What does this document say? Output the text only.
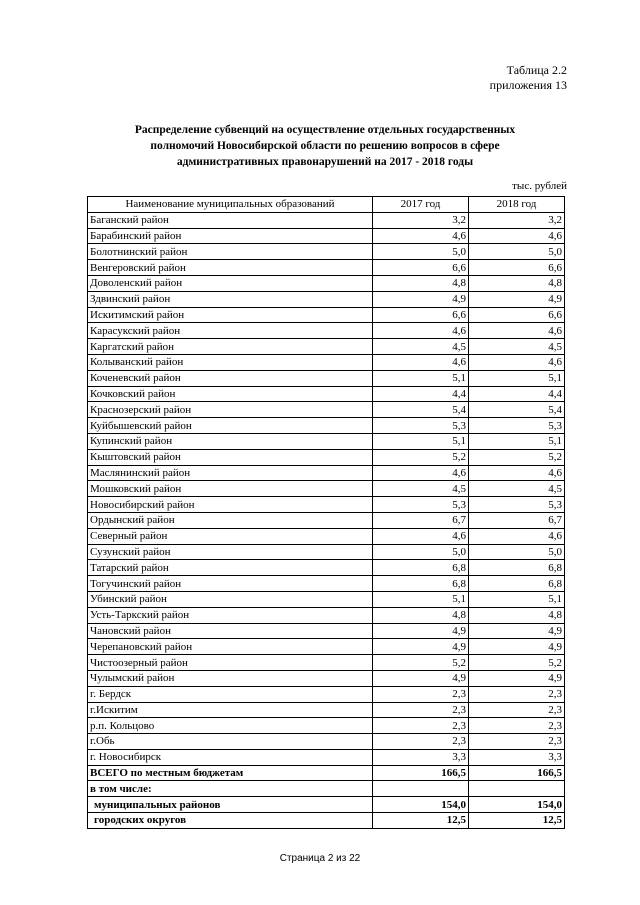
Таблица 2.2
приложения 13
Распределение субвенций на осуществление отдельных государственных
полномочий Новосибирской области по решению вопросов в сфере
административных правонарушений на 2017 - 2018 годы
тыс. рублей
Наименование муниципальных образований	2017 год	2018 год
Баганский район	3,2	3,2
Барабинский район	4,6	4,6
Болотнинский район	5,0	5,0
Венгеровский район	6,6	6,6
Доволенский район	4,8	4,8
Здвинский район	4,9	4,9
Искитимский район	6,6	6,6
Карасукский район	4,6	4,6
Каргатский район	4,5	4,5
Колыванский район	4,6	4,6
Коченевский район	5,1	5,1
Кочковский район	4,4	4,4
Краснозерский район	5,4	5,4
Куйбышевский район	5,3	5,3
Купинский район	5,1	5,1
Кыштовский район	5,2	5,2
Маслянинский район	4,6	4,6
Мошковский район	4,5	4,5
Новосибирский район	5,3	5,3
Ордынский район	6,7	6,7
Северный район	4,6	4,6
Сузунский район	5,0	5,0
Татарский район	6,8	6,8
Тогучинский район	6,8	6,8
Убинский район	5,1	5,1
Усть-Таркский район	4,8	4,8
Чановский район	4,9	4,9
Черепановский район	4,9	4,9
Чистоозерный район	5,2	5,2
Чулымский район	4,9	4,9
г. Бердск	2,3	2,3
г.Искитим	2,3	2,3
р.п. Кольцово	2,3	2,3
г.Обь	2,3	2,3
г. Новосибирск	3,3	3,3
ВСЕГО по местным бюджетам	166,5	166,5
в том числе:		
муниципальных районов	154,0	154,0
городских округов	12,5	12,5
Страница 2 из 22
